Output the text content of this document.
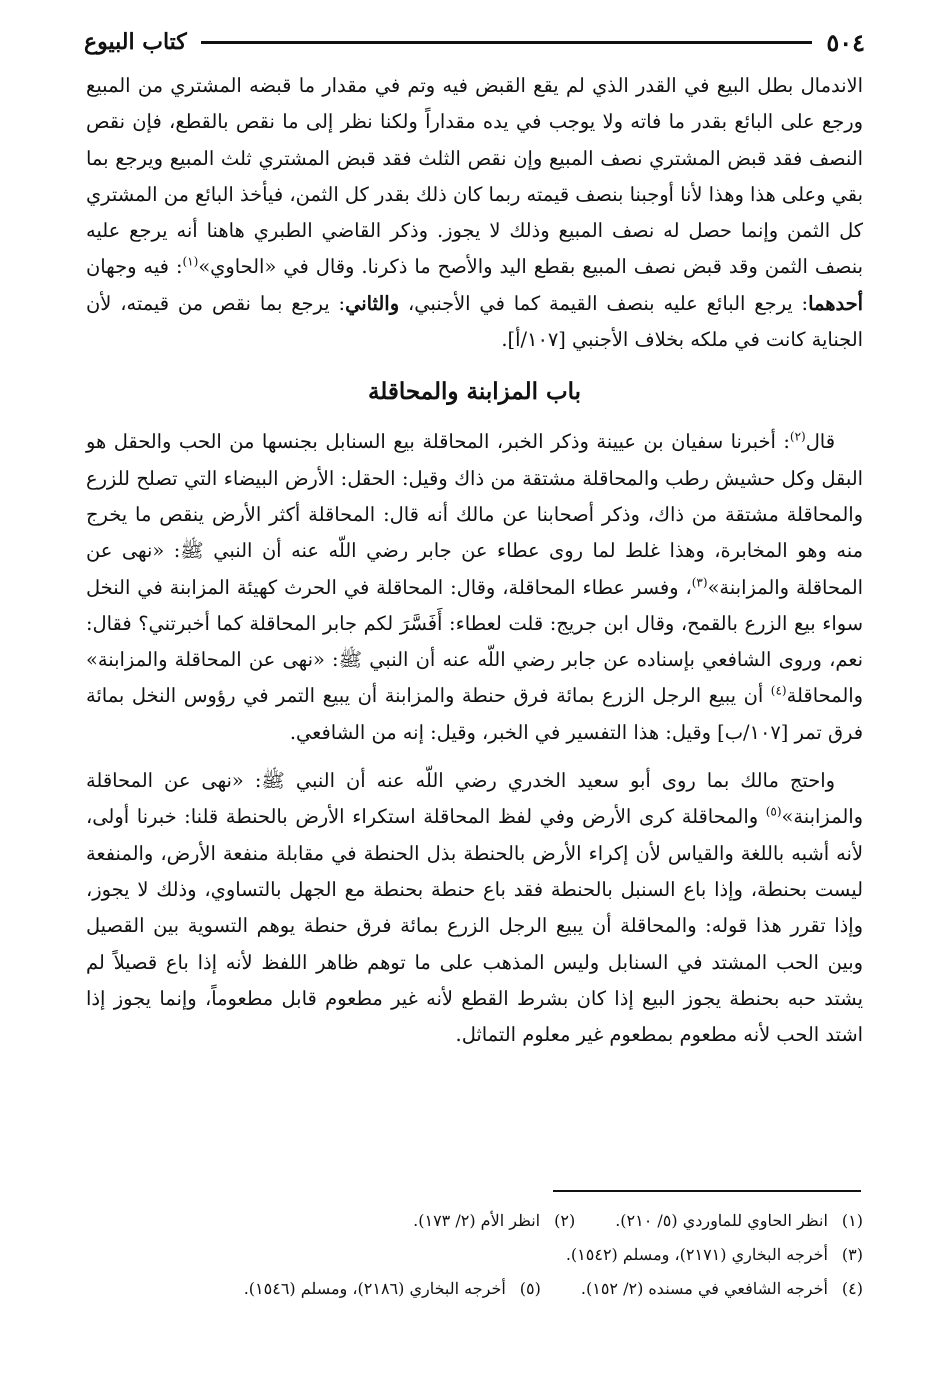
٥٠٤
كتاب البيوع

الاندمال بطل البيع في القدر الذي لم يقع القبض فيه وتم في مقدار ما قبضه المشتري من المبيع ورجع على البائع بقدر ما فاته ولا يوجب في يده مقداراً ولكنا نظر إلى ما نقص بالقطع، فإن نقص النصف فقد قبض المشتري نصف المبيع وإن نقص الثلث فقد قبض المشتري ثلث المبيع ويرجع بما بقي وعلى هذا وهذا لأنا أوجبنا بنصف قيمته ربما كان ذلك بقدر كل الثمن، فيأخذ البائع من المشتري كل الثمن وإنما حصل له نصف المبيع وذلك لا يجوز. وذكر القاضي الطبري هاهنا أنه يرجع عليه بنصف الثمن وقد قبض نصف المبيع بقطع اليد والأصح ما ذكرنا. وقال في «الحاوي»$^{(١)}$: فيه وجهان أحدهما: يرجع البائع عليه بنصف القيمة كما في الأجنبي، والثاني: يرجع بما نقص من قيمته، لأن الجناية كانت في ملكه بخلاف الأجنبي [١٠٧/أ].

باب المزابنة والمحاقلة

قال$^{(٢)}$: أخبرنا سفيان بن عيينة وذكر الخبر، المحاقلة بيع السنابل بجنسها من الحب والحقل هو البقل وكل حشيش رطب والمحاقلة مشتقة من ذاك وقيل: الحقل: الأرض البيضاء التي تصلح للزرع والمحاقلة مشتقة من ذاك، وذكر أصحابنا عن مالك أنه قال: المحاقلة أكثر الأرض ينقص ما يخرج منه وهو المخابرة، وهذا غلط لما روى عطاء عن جابر رضي اللّه عنه أن النبي ﷺ: «نهى عن المحاقلة والمزابنة»$^{(٣)}$، وفسر عطاء المحاقلة، وقال: المحاقلة في الحرث كهيئة المزابنة في النخل سواء بيع الزرع بالقمح، وقال ابن جريج: قلت لعطاء: أَفَسَّرَ لكم جابر المحاقلة كما أخبرتني؟ فقال: نعم، وروى الشافعي بإسناده عن جابر رضي اللّه عنه أن النبي ﷺ: «نهى عن المحاقلة والمزابنة» والمحاقلة$^{(٤)}$ أن يبيع الرجل الزرع بمائة فرق حنطة والمزابنة أن يبيع التمر في رؤوس النخل بمائة فرق تمر [١٠٧/ب] وقيل: هذا التفسير في الخبر، وقيل: إنه من الشافعي.

واحتج مالك بما روى أبو سعيد الخدري رضي اللّه عنه أن النبي ﷺ: «نهى عن المحاقلة والمزابنة»$^{(٥)}$ والمحاقلة كرى الأرض وفي لفظ المحاقلة استكراء الأرض بالحنطة قلنا: خبرنا أولى، لأنه أشبه باللغة والقياس لأن إكراء الأرض بالحنطة بذل الحنطة في مقابلة منفعة الأرض، والمنفعة ليست بحنطة، وإذا باع السنبل بالحنطة فقد باع حنطة بحنطة مع الجهل بالتساوي، وذلك لا يجوز، وإذا تقرر هذا قوله: والمحاقلة أن يبيع الرجل الزرع بمائة فرق حنطة يوهم التسوية بين القصيل وبين الحب المشتد في السنابل وليس المذهب على ما توهم ظاهر اللفظ لأنه إذا باع قصيلاً لم يشتد حبه بحنطة يجوز البيع إذا كان بشرط القطع لأنه غير مطعوم قابل مطعوماً، وإنما يجوز إذا اشتد الحب لأنه مطعوم بمطعوم غير معلوم التماثل.

(١)انظر الحاوي للماوردي (٥/ ٢١٠).
(٢)انظر الأم (٢/ ١٧٣).
(٣)أخرجه البخاري (٢١٧١)، ومسلم (١٥٤٢).
(٤)أخرجه الشافعي في مسنده (٢/ ١٥٢).
(٥)أخرجه البخاري (٢١٨٦)، ومسلم (١٥٤٦).
